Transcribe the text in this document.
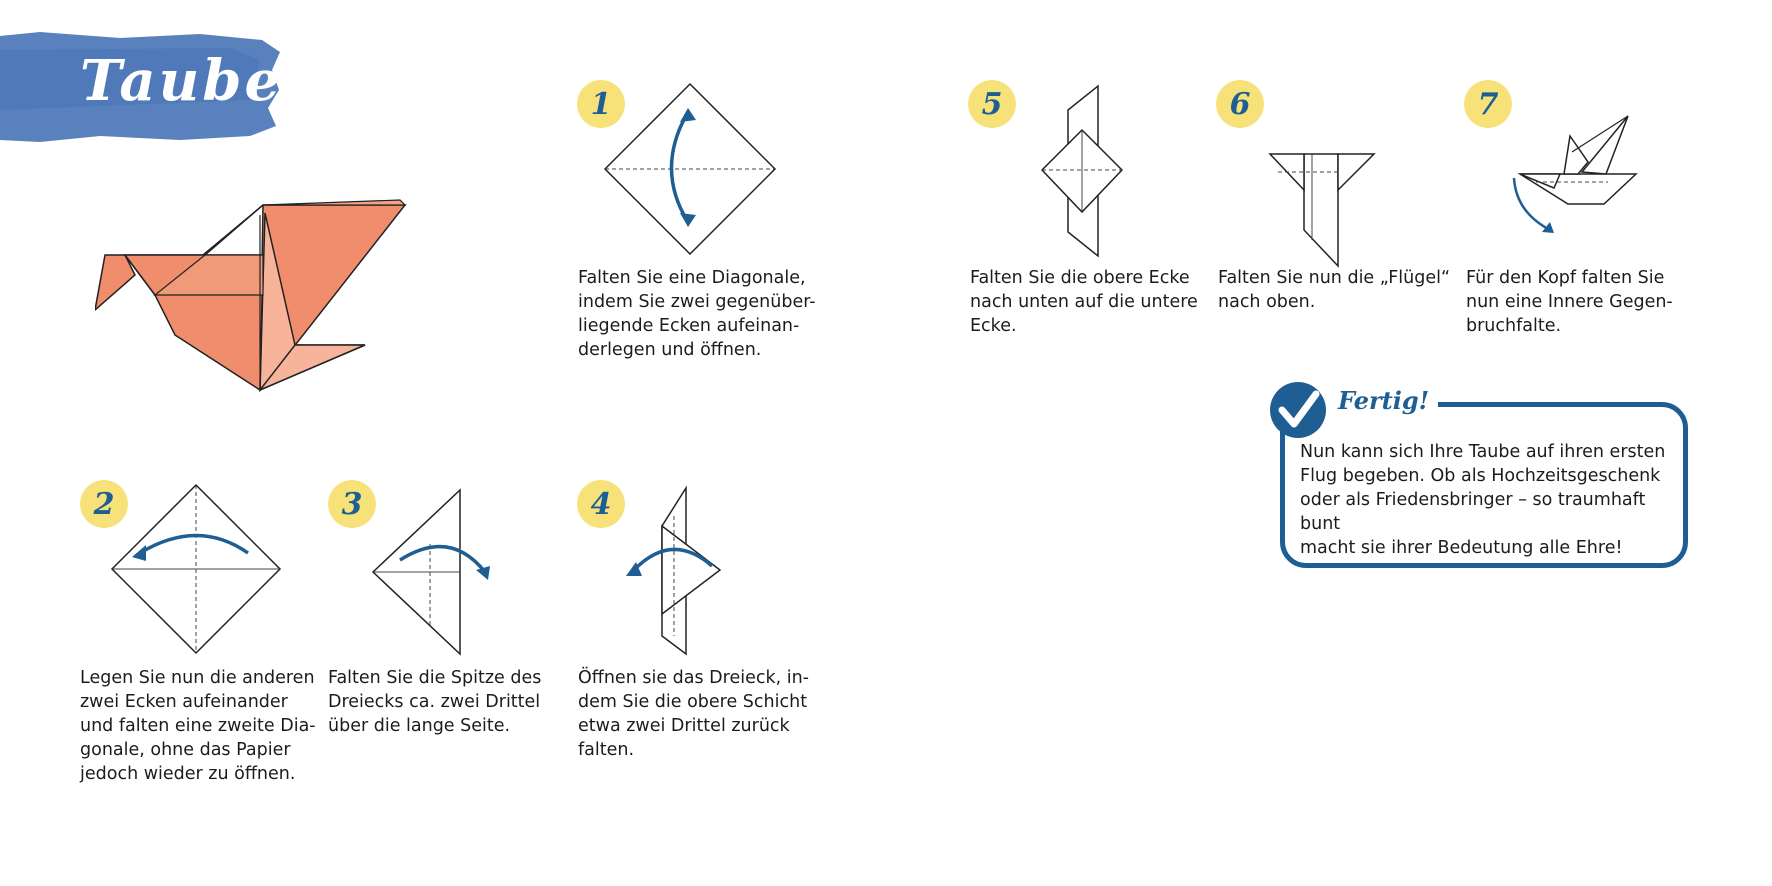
Taube	1
Falten Sie eine Diagonale,
indem Sie zwei gegenüber-
liegende Ecken aufeinan-
derlegen und öffnen.
2
Legen Sie nun die anderen
zwei Ecken aufeinander
und falten eine zweite Dia-
gonale, ohne das Papier
jedoch wieder zu öffnen.
3
Falten Sie die Spitze des
Dreiecks ca. zwei Drittel
über die lange Seite.
4
Öffnen sie das Dreieck, in-
dem Sie die obere Schicht
etwa zwei Drittel zurück
falten.
5
Falten Sie die obere Ecke
nach unten auf die untere
Ecke.
6
Falten Sie nun die „Flügel“
nach oben.
7
Für den Kopf falten Sie
nun eine Innere Gegen-
bruchfalte.
Fertig!
Nun kann sich Ihre Taube auf ihren ersten
Flug begeben. Ob als Hochzeitsgeschenk
oder als Friedensbringer – so traumhaft bunt
macht sie ihrer Bedeutung alle Ehre!
